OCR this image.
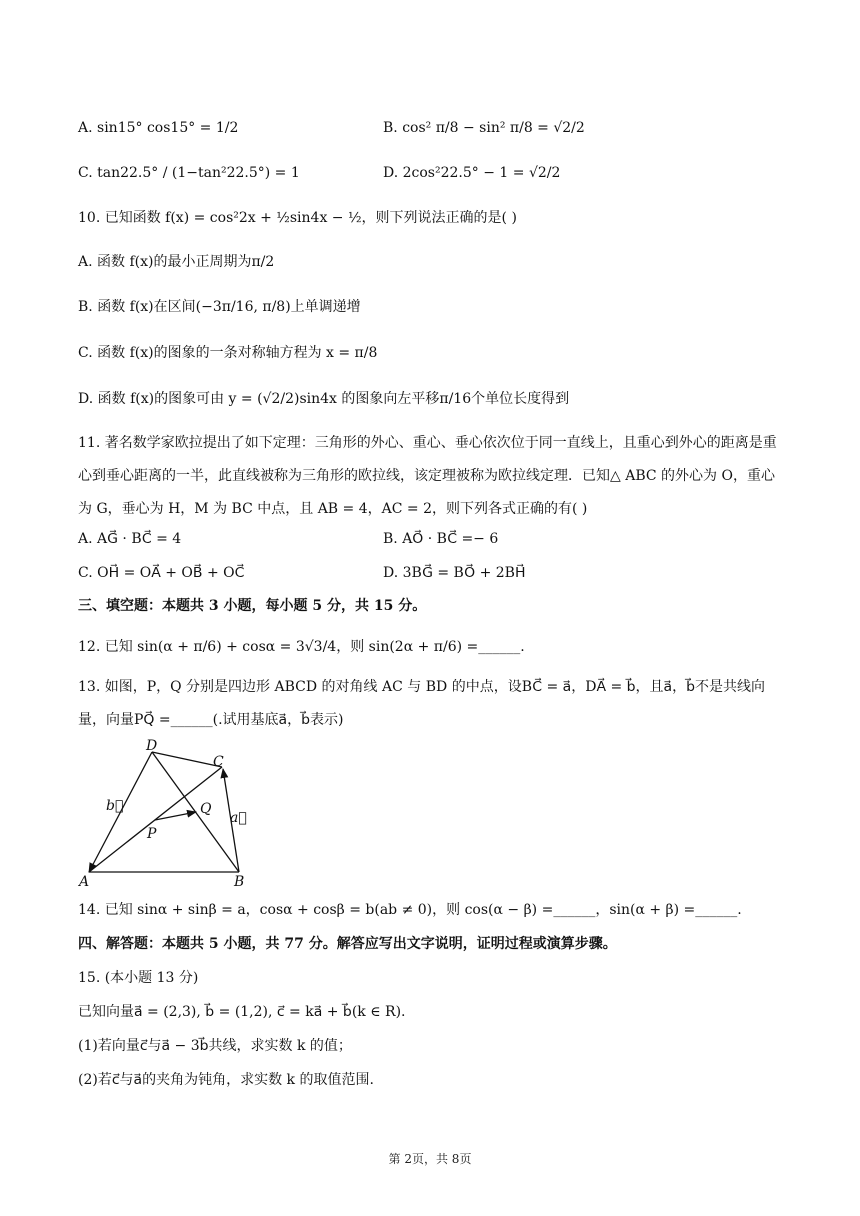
A. sin15° cos15° = 1/2	B. cos² π/8 − sin² π/8 = √2/2
C. tan22.5° / (1−tan²22.5°) = 1	D. 2cos²22.5° − 1 = √2/2
10. 已知函数 f(x) = cos²2x + ½sin4x − ½，则下列说法正确的是( )
A. 函数 f(x)的最小正周期为π/2
B. 函数 f(x)在区间(−3π/16, π/8)上单调递增
C. 函数 f(x)的图象的一条对称轴方程为 x = π/8
D. 函数 f(x)的图象可由 y = (√2/2)sin4x 的图象向左平移π/16个单位长度得到
11. 著名数学家欧拉提出了如下定理：三角形的外心、重心、垂心依次位于同一直线上，且重心到外心的距离是重心到垂心距离的一半，此直线被称为三角形的欧拉线，该定理被称为欧拉线定理．已知△ ABC 的外心为 O，重心为 G，垂心为 H，M 为 BC 中点，且 AB = 4，AC = 2，则下列各式正确的有( )
A. AG⃗ · BC⃗ = 4	B. AO⃗ · BC⃗ =− 6
C. OH⃗ = OA⃗ + OB⃗ + OC⃗	D. 3BG⃗ = BO⃗ + 2BH⃗
三、填空题：本题共 3 小题，每小题 5 分，共 15 分。
12. 已知 sin(α + π/6) + cosα = 3√3/4，则 sin(2α + π/6) =______.
13. 如图，P，Q 分别是四边形 ABCD 的对角线 AC 与 BD 的中点，设BC⃗ = a⃗，DA⃗ = b⃗，且a⃗，b⃗不是共线向量，向量PQ⃗ =______(.试用基底a⃗，b⃗表示)
D
C
Q
P
A	B
b⃗
a⃗
14. 已知 sinα + sinβ = a，cosα + cosβ = b(ab ≠ 0)，则 cos(α − β) =______，sin(α + β) =______.
四、解答题：本题共 5 小题，共 77 分。解答应写出文字说明，证明过程或演算步骤。
15. (本小题 13 分)
已知向量a⃗ = (2,3), b⃗ = (1,2), c⃗ = ka⃗ + b⃗(k ∈ R).
(1)若向量c⃗与a⃗ − 3b⃗共线，求实数 k 的值；
(2)若c⃗与a⃗的夹角为钝角，求实数 k 的取值范围.
第 2页，共 8页
